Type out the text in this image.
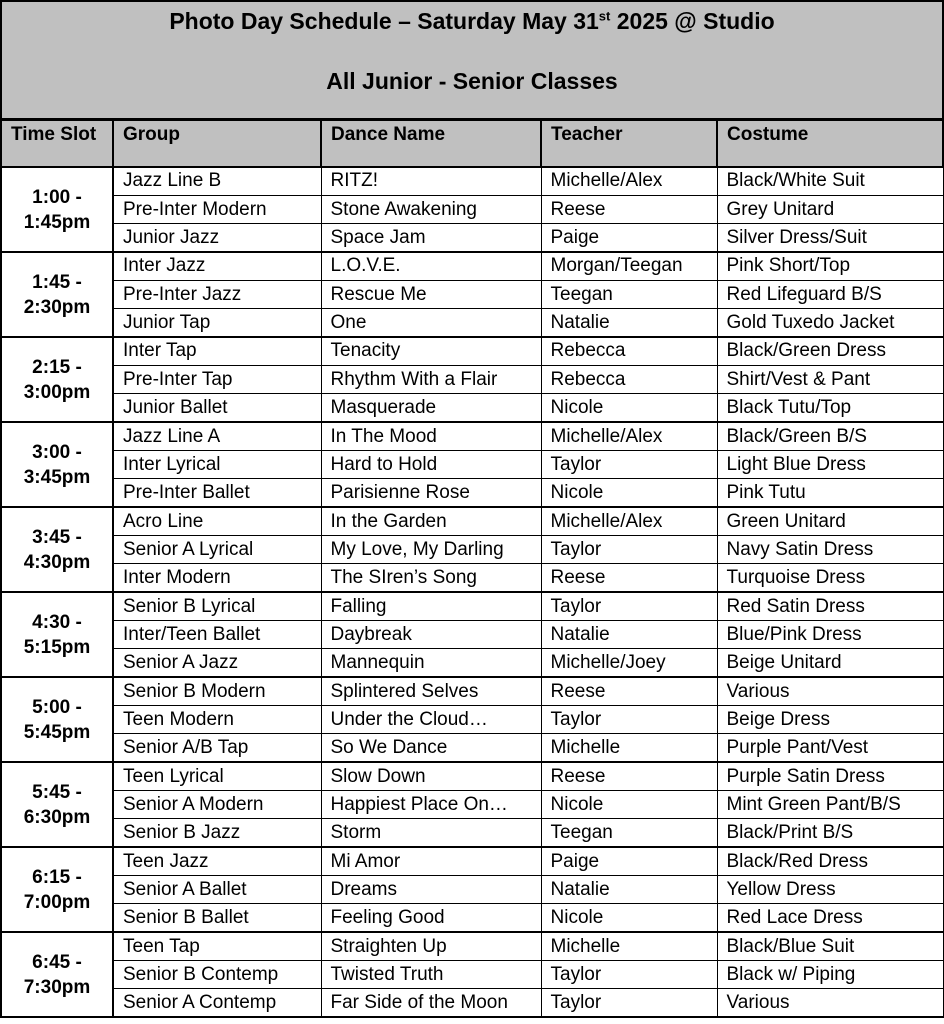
Photo Day Schedule – Saturday May 31st 2025 @ Studio
All Junior - Senior Classes
Time Slot	Group	Dance Name	Teacher	Costume
1:00 - 1:45pm	Jazz Line B	RITZ!	Michelle/Alex	Black/White Suit
	Pre-Inter Modern	Stone Awakening	Reese	Grey Unitard
	Junior Jazz	Space Jam	Paige	Silver Dress/Suit
1:45 - 2:30pm	Inter Jazz	L.O.V.E.	Morgan/Teegan	Pink Short/Top
	Pre-Inter Jazz	Rescue Me	Teegan	Red Lifeguard B/S
	Junior Tap	One	Natalie	Gold Tuxedo Jacket
2:15 - 3:00pm	Inter Tap	Tenacity	Rebecca	Black/Green Dress
	Pre-Inter Tap	Rhythm With a Flair	Rebecca	Shirt/Vest & Pant
	Junior Ballet	Masquerade	Nicole	Black Tutu/Top
3:00 - 3:45pm	Jazz Line A	In The Mood	Michelle/Alex	Black/Green B/S
	Inter Lyrical	Hard to Hold	Taylor	Light Blue Dress
	Pre-Inter Ballet	Parisienne Rose	Nicole	Pink Tutu
3:45 - 4:30pm	Acro Line	In the Garden	Michelle/Alex	Green Unitard
	Senior A Lyrical	My Love, My Darling	Taylor	Navy Satin Dress
	Inter Modern	The SIren’s Song	Reese	Turquoise Dress
4:30 - 5:15pm	Senior B Lyrical	Falling	Taylor	Red Satin Dress
	Inter/Teen Ballet	Daybreak	Natalie	Blue/Pink Dress
	Senior A Jazz	Mannequin	Michelle/Joey	Beige Unitard
5:00 - 5:45pm	Senior B Modern	Splintered Selves	Reese	Various
	Teen Modern	Under the Cloud…	Taylor	Beige Dress
	Senior A/B Tap	So We Dance	Michelle	Purple Pant/Vest
5:45 - 6:30pm	Teen Lyrical	Slow Down	Reese	Purple Satin Dress
	Senior A Modern	Happiest Place On…	Nicole	Mint Green Pant/B/S
	Senior B Jazz	Storm	Teegan	Black/Print B/S
6:15 - 7:00pm	Teen Jazz	Mi Amor	Paige	Black/Red Dress
	Senior A Ballet	Dreams	Natalie	Yellow Dress
	Senior B Ballet	Feeling Good	Nicole	Red Lace Dress
6:45 - 7:30pm	Teen Tap	Straighten Up	Michelle	Black/Blue Suit
	Senior B Contemp	Twisted Truth	Taylor	Black w/ Piping
	Senior A Contemp	Far Side of the Moon	Taylor	Various
